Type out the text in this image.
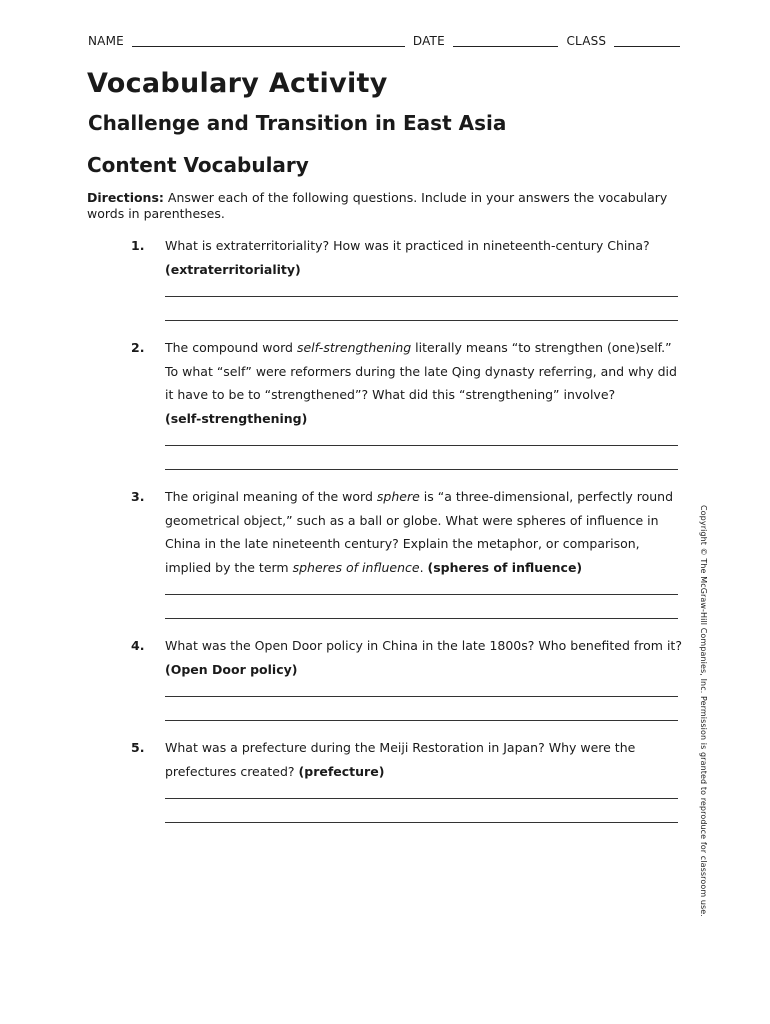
NAME	DATE	CLASS
Vocabulary Activity
Challenge and Transition in East Asia
Content Vocabulary

Directions: Answer each of the following questions. Include in your answers the vocabulary words in parentheses.

1. What is extraterritoriality? How was it practiced in nineteenth-century China?
(extraterritoriality)
2. The compound word self-strengthening literally means “to strengthen (one)self.” To what “self” were reformers during the late Qing dynasty referring, and why did it have to be to “strengthened”? What did this “strengthening” involve?
(self-strengthening)
3. The original meaning of the word sphere is “a three-dimensional, perfectly round geometrical object,” such as a ball or globe. What were spheres of influence in China in the late nineteenth century? Explain the metaphor, or comparison, implied by the term spheres of influence. (spheres of influence)
4. What was the Open Door policy in China in the late 1800s? Who benefited from it? (Open Door policy)
5. What was a prefecture during the Meiji Restoration in Japan? Why were the prefectures created? (prefecture)	Copyright © The McGraw-Hill Companies, Inc. Permission is granted to reproduce for classroom use.
